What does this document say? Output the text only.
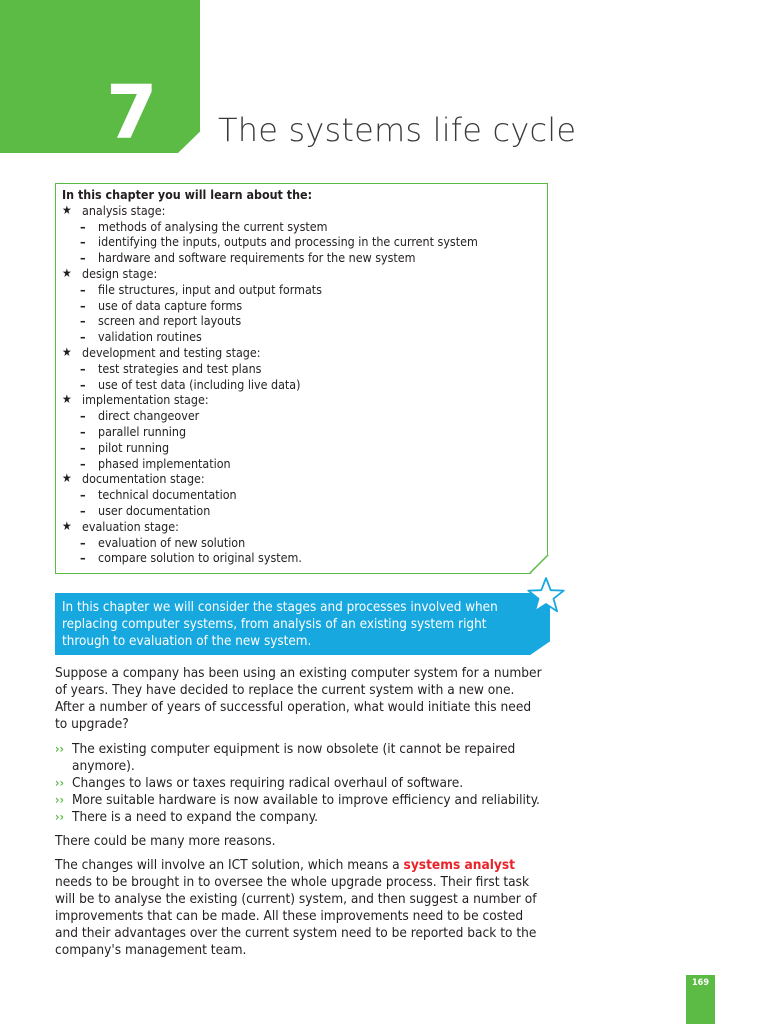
7 The systems life cycle
In this chapter you will learn about the:
★ analysis stage:
– methods of analysing the current system
– identifying the inputs, outputs and processing in the current system
– hardware and software requirements for the new system
★ design stage:
– file structures, input and output formats
– use of data capture forms
– screen and report layouts
– validation routines
★ development and testing stage:
– test strategies and test plans
– use of test data (including live data)
★ implementation stage:
– direct changeover
– parallel running
– pilot running
– phased implementation
★ documentation stage:
– technical documentation
– user documentation
★ evaluation stage:
– evaluation of new solution
– compare solution to original system.
In this chapter we will consider the stages and processes involved when replacing computer systems, from analysis of an existing system right through to evaluation of the new system.

Suppose a company has been using an existing computer system for a number of years. They have decided to replace the current system with a new one. After a number of years of successful operation, what would initiate this need to upgrade?

›› The existing computer equipment is now obsolete (it cannot be repaired anymore).
›› Changes to laws or taxes requiring radical overhaul of software.
›› More suitable hardware is now available to improve efficiency and reliability.
›› There is a need to expand the company.

There could be many more reasons.

The changes will involve an ICT solution, which means a systems analyst needs to be brought in to oversee the whole upgrade process. Their first task will be to analyse the existing (current) system, and then suggest a number of improvements that can be made. All these improvements need to be costed and their advantages over the current system need to be reported back to the company's management team.

169
